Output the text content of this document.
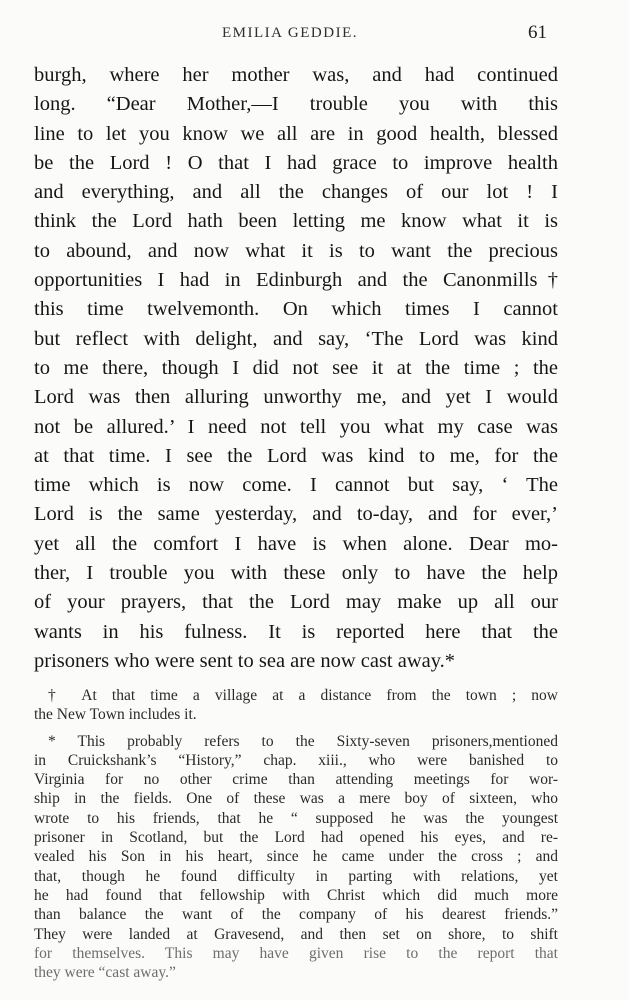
EMILIA GEDDIE.	61
burgh, where her mother was, and had continued
long. “Dear Mother,—I trouble you with this
line to let you know we all are in good health, blessed
be the Lord ! O that I had grace to improve health
and everything, and all the changes of our lot ! I
think the Lord hath been letting me know what it is
to abound, and now what it is to want the precious
opportunities I had in Edinburgh and the Canonmills†
this time twelvemonth. On which times I cannot
but reflect with delight, and say, ‘The Lord was kind
to me there, though I did not see it at the time ; the
Lord was then alluring unworthy me, and yet I would
not be allured.’ I need not tell you what my case was
at that time. I see the Lord was kind to me, for the
time which is now come. I cannot but say, ‘ The
Lord is the same yesterday, and to-day, and for ever,’
yet all the comfort I have is when alone. Dear mo-
ther, I trouble you with these only to have the help
of your prayers, that the Lord may make up all our
wants in his fulness. It is reported here that the
prisoners who were sent to sea are now cast away.*
† At that time a village at a distance from the town ; now
the New Town includes it.
* This probably refers to the Sixty-seven prisoners,mentioned
in Cruickshank’s “History,” chap. xiii., who were banished to
Virginia for no other crime than attending meetings for wor-
ship in the fields. One of these was a mere boy of sixteen, who
wrote to his friends, that he “ supposed he was the youngest
prisoner in Scotland, but the Lord had opened his eyes, and re-
vealed his Son in his heart, since he came under the cross ; and
that, though he found difficulty in parting with relations, yet
he had found that fellowship with Christ which did much more
than balance the want of the company of his dearest friends.”
They were landed at Gravesend, and then set on shore, to shift
for themselves. This may have given rise to the report that
they were “cast away.”
